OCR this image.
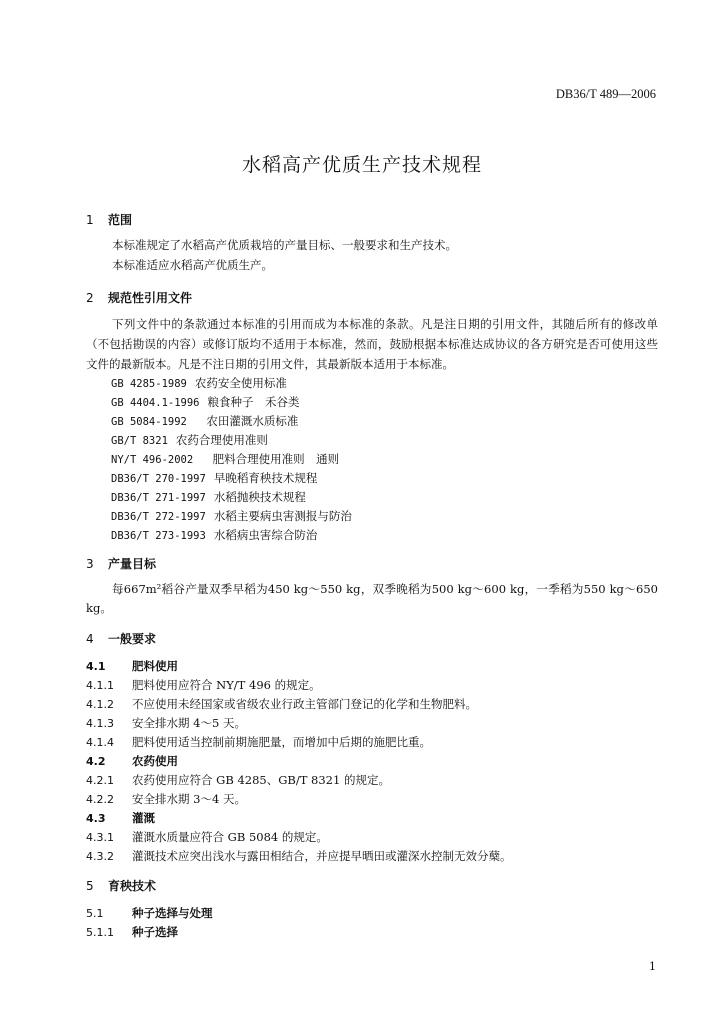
DB36/T 489—2006
水稻高产优质生产技术规程
1 范围
本标准规定了水稻高产优质栽培的产量目标、一般要求和生产技术。
本标准适应水稻高产优质生产。
2 规范性引用文件
下列文件中的条款通过本标准的引用而成为本标准的条款。凡是注日期的引用文件，其随后所有的修改单（不包括勘误的内容）或修订版均不适用于本标准，然而，鼓励根据本标准达成协议的各方研究是否可使用这些文件的最新版本。凡是不注日期的引用文件，其最新版本适用于本标准。
GB 4285-1989 农药安全使用标准
GB 4404.1-1996 粮食种子　禾谷类
GB 5084-1992　农田灌溉水质标准
GB/T 8321 农药合理使用准则
NY/T 496-2002　肥料合理使用准则　通则
DB36/T 270-1997 早晚稻育秧技术规程
DB36/T 271-1997 水稻抛秧技术规程
DB36/T 272-1997 水稻主要病虫害测报与防治
DB36/T 273-1993 水稻病虫害综合防治
3 产量目标
每667m²稻谷产量双季早稻为450 kg～550 kg，双季晚稻为500 kg～600 kg，一季稻为550 kg～650 kg。
4 一般要求
4.1 肥料使用
4.1.1 肥料使用应符合 NY/T 496 的规定。
4.1.2 不应使用未经国家或省级农业行政主管部门登记的化学和生物肥料。
4.1.3 安全排水期 4～5 天。
4.1.4 肥料使用适当控制前期施肥量，而增加中后期的施肥比重。
4.2 农药使用
4.2.1 农药使用应符合 GB 4285、GB/T 8321 的规定。
4.2.2 安全排水期 3～4 天。
4.3 灌溉
4.3.1 灌溉水质量应符合 GB 5084 的规定。
4.3.2 灌溉技术应突出浅水与露田相结合，并应提早晒田或灌深水控制无效分蘖。
5 育秧技术
5.1 种子选择与处理
5.1.1 种子选择
1
